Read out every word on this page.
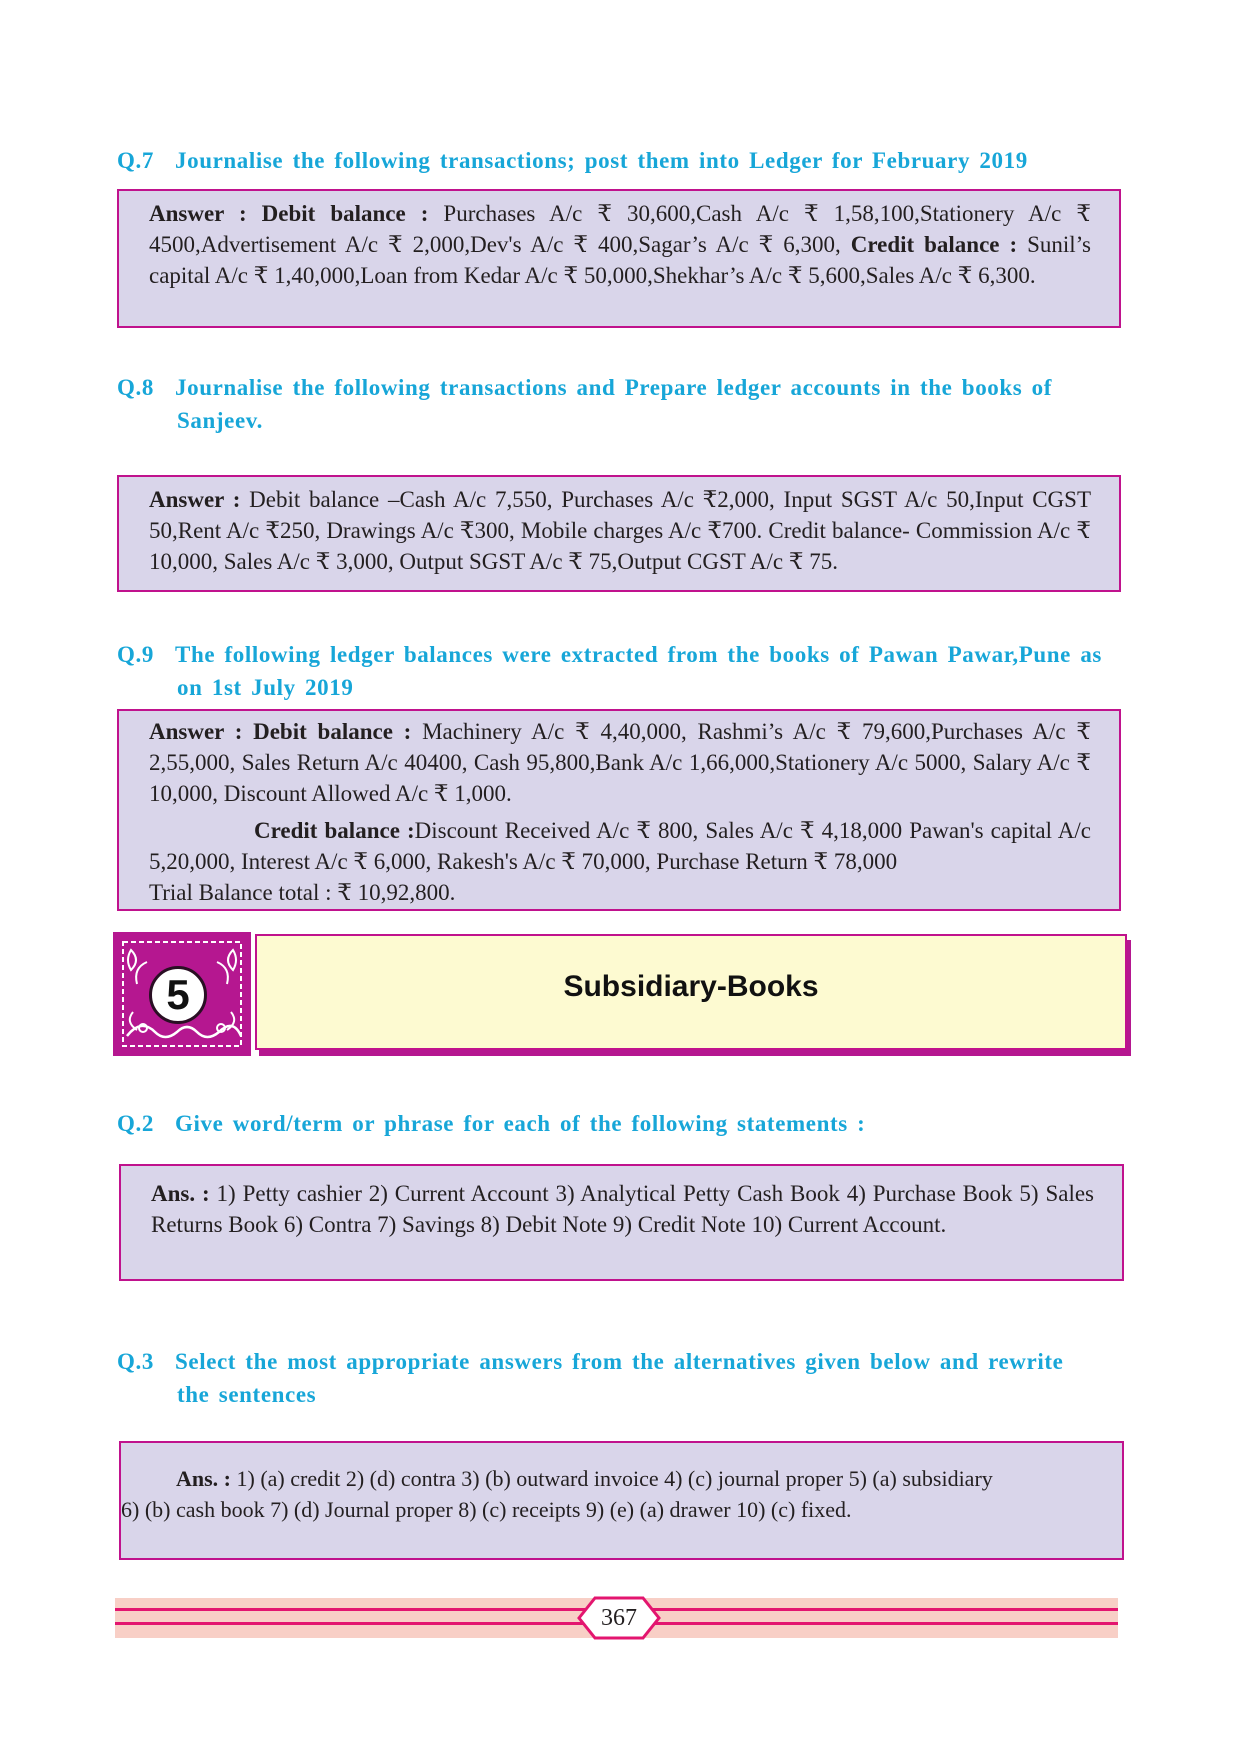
Q.7 Journalise the following transactions; post them into Ledger for February 2019

Answer : Debit balance : Purchases A/c ₹ 30,600,Cash A/c ₹ 1,58,100,Stationery A/c ₹ 4500,Advertisement A/c ₹ 2,000,Dev's A/c ₹ 400,Sagar’s A/c ₹ 6,300, Credit balance : Sunil’s capital A/c ₹ 1,40,000,Loan from Kedar A/c ₹ 50,000,Shekhar’s A/c ₹ 5,600,Sales A/c ₹ 6,300.

Q.8 Journalise the following transactions and Prepare ledger accounts in the books of
Sanjeev.

Answer : Debit balance –Cash A/c 7,550, Purchases A/c ₹2,000, Input SGST A/c 50,Input CGST 50,Rent A/c ₹250, Drawings A/c ₹300, Mobile charges A/c ₹700. Credit balance- Commission A/c ₹ 10,000, Sales A/c ₹ 3,000, Output SGST A/c ₹ 75,Output CGST A/c ₹ 75.

Q.9 The following ledger balances were extracted from the books of Pawan Pawar,Pune as
on 1st July 2019

Answer : Debit balance : Machinery A/c ₹ 4,40,000, Rashmi’s A/c ₹ 79,600,Purchases A/c ₹ 2,55,000, Sales Return A/c 40400, Cash 95,800,Bank A/c 1,66,000,Stationery A/c 5000, Salary A/c ₹ 10,000, Discount Allowed A/c ₹ 1,000.

Credit balance :Discount Received A/c ₹ 800, Sales A/c ₹ 4,18,000 Pawan's capital A/c 5,20,000, Interest A/c ₹ 6,000, Rakesh's A/c ₹ 70,000, Purchase Return ₹ 78,000

Trial Balance total : ₹ 10,92,800.

5	Subsidiary-Books
Q.2 Give word/term or phrase for each of the following statements :

Ans. : 1) Petty cashier 2) Current Account 3) Analytical Petty Cash Book 4) Purchase Book 5) Sales Returns Book 6) Contra 7) Savings 8) Debit Note 9) Credit Note 10) Current Account.

Q.3 Select the most appropriate answers from the alternatives given below and rewrite
the sentences

Ans. : 1) (a) credit 2) (d) contra 3) (b) outward invoice 4) (c) journal proper 5) (a) subsidiary

6) (b) cash book 7) (d) Journal proper 8) (c) receipts 9) (e) (a) drawer 10) (c) fixed.

367
